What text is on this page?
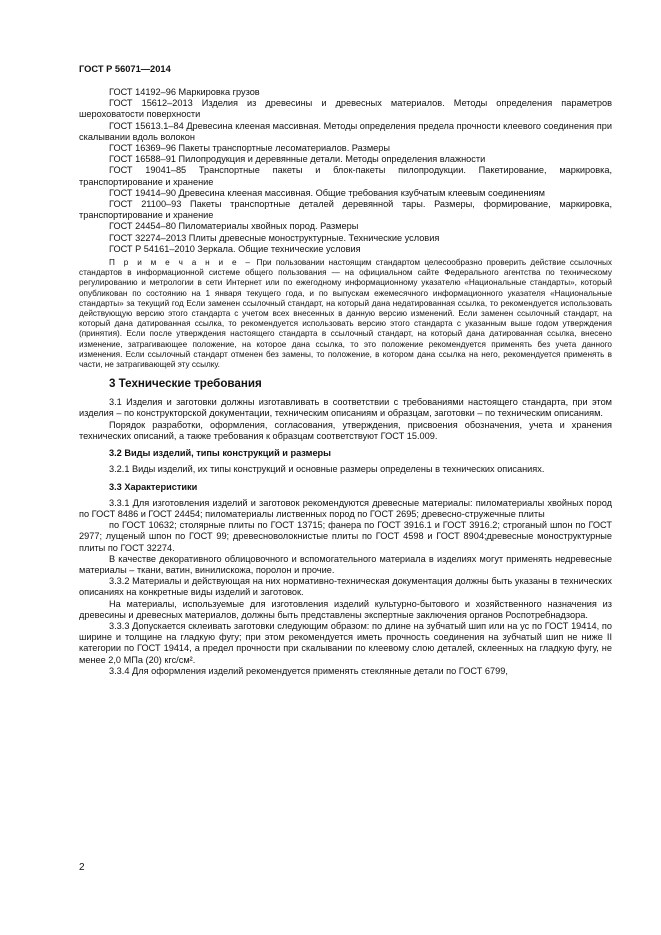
ГОСТ Р 56071—2014

ГОСТ 14192–96 Маркировка грузов

ГОСТ 15612–2013 Изделия из древесины и древесных материалов. Методы определения параметров шероховатости поверхности

ГОСТ 15613.1–84 Древесина клееная массивная. Методы определения предела прочности клеевого соединения при скалывании вдоль волокон

ГОСТ 16369–96 Пакеты транспортные лесоматериалов. Размеры

ГОСТ 16588–91 Пилопродукция и деревянные детали. Методы определения влажности

ГОСТ 19041–85 Транспортные пакеты и блок-пакеты пилопродукции. Пакетирование, маркировка, транспортирование и хранение

ГОСТ 19414–90 Древесина клееная массивная. Общие требования кзубчатым клеевым соединениям

ГОСТ 21100–93 Пакеты транспортные деталей деревянной тары. Размеры, формирование, маркировка, транспортирование и хранение

ГОСТ 24454–80 Пиломатериалы хвойных пород. Размеры

ГОСТ 32274–2013 Плиты древесные моноструктурные. Технические условия

ГОСТ Р 54161–2010 Зеркала. Общие технические условия

П р и м е ч а н и е – При пользовании настоящим стандартом целесообразно проверить действие ссылочных стандартов в информационной системе общего пользования — на официальном сайте Федерального агентства по техническому регулированию и метрологии в сети Интернет или по ежегодному информационному указателю «Национальные стандарты», который опубликован по состоянию на 1 января текущего года, и по выпускам ежемесячного информационного указателя «Национальные стандарты» за текущий год Если заменен ссылочный стандарт, на который дана недатированная ссылка, то рекомендуется использовать действующую версию этого стандарта с учетом всех внесенных в данную версию изменений. Если заменен ссылочный стандарт, на который дана датированная ссылка, то рекомендуется использовать версию этого стандарта с указанным выше годом утверждения (принятия). Если после утверждения настоящего стандарта в ссылочный стандарт, на который дана датированная ссылка, внесено изменение, затрагивающее положение, на которое дана ссылка, то это положение рекомендуется применять без учета данного изменения. Если ссылочный стандарт отменен без замены, то положение, в котором дана ссылка на него, рекомендуется применять в части, не затрагивающей эту ссылку.

3 Технические требования

3.1 Изделия и заготовки должны изготавливать в соответствии с требованиями настоящего стандарта, при этом изделия – по конструкторской документации, техническим описаниям и образцам, заготовки – по техническим описаниям.

Порядок разработки, оформления, согласования, утверждения, присвоения обозначения, учета и хранения технических описаний, а также требования к образцам соответствуют ГОСТ 15.009.

3.2 Виды изделий, типы конструкций и размеры

3.2.1 Виды изделий, их типы конструкций и основные размеры определены в технических описаниях.

3.3 Характеристики

3.3.1 Для изготовления изделий и заготовок рекомендуются древесные материалы: пиломатериалы хвойных пород по ГОСТ 8486 и ГОСТ 24454; пиломатериалы лиственных пород по ГОСТ 2695; древесно-стружечные плиты

по ГОСТ 10632; столярные плиты по ГОСТ 13715; фанера по ГОСТ 3916.1 и ГОСТ 3916.2; строганый шпон по ГОСТ 2977; лущеный шпон по ГОСТ 99; древесноволокнистые плиты по ГОСТ 4598 и ГОСТ 8904;древесные моноструктурные плиты по ГОСТ 32274.

В качестве декоративного облицовочного и вспомогательного материала в изделиях могут применять недревесные материалы – ткани, ватин, винилискожа, поролон и прочие.

3.3.2 Материалы и действующая на них нормативно-техническая документация должны быть указаны в технических описаниях на конкретные виды изделий и заготовок.

На материалы, используемые для изготовления изделий культурно-бытового и хозяйственного назначения из древесины и древесных материалов, должны быть представлены экспертные заключения органов Роспотребнадзора.

3.3.3 Допускается склеивать заготовки следующим образом: по длине на зубчатый шип или на ус по ГОСТ 19414, по ширине и толщине на гладкую фугу; при этом рекомендуется иметь прочность соединения на зубчатый шип не ниже II категории по ГОСТ 19414, а предел прочности при скалывании по клеевому слою деталей, склеенных на гладкую фугу, не менее 2,0 МПа (20) кгс/см².

3.3.4 Для оформления изделий рекомендуется применять стеклянные детали по ГОСТ 6799,

2
